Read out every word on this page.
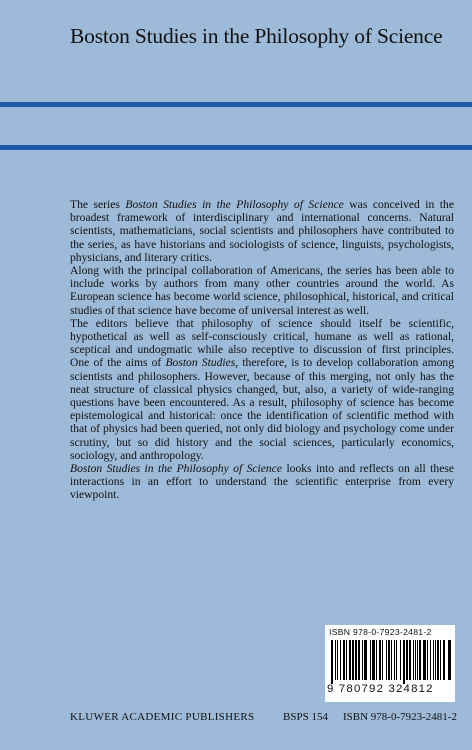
Boston Studies in the Philosophy of Science

The series Boston Studies in the Philosophy of Science was conceived in the broadest framework of interdisciplinary and international concerns. Natural scientists, mathematicians, social scientists and philosophers have contributed to the series, as have historians and sociologists of science, linguists, psychologists, physicians, and literary critics.

Along with the principal collaboration of Americans, the series has been able to include works by authors from many other countries around the world. As European science has become world science, philosophical, historical, and critical studies of that science have become of universal interest as well.

The editors believe that philosophy of science should itself be scientific, hypothetical as well as self-consciously critical, humane as well as rational, sceptical and undogmatic while also receptive to discussion of first principles. One of the aims of Boston Studies, therefore, is to develop collaboration among scientists and philosophers. However, because of this merging, not only has the neat structure of classical physics changed, but, also, a variety of wide-ranging questions have been encountered. As a result, philosophy of science has become epistemological and historical: once the identification of scientific method with that of physics had been queried, not only did biology and psychology come under scrutiny, but so did history and the social sciences, particularly economics, sociology, and anthropology.

Boston Studies in the Philosophy of Science looks into and reflects on all these interactions in an effort to understand the scientific enterprise from every viewpoint.

ISBN 978-0-7923-2481-2
9 780792 324812
KLUWER ACADEMIC PUBLISHERS	BSPS 154 ISBN 978-0-7923-2481-2
